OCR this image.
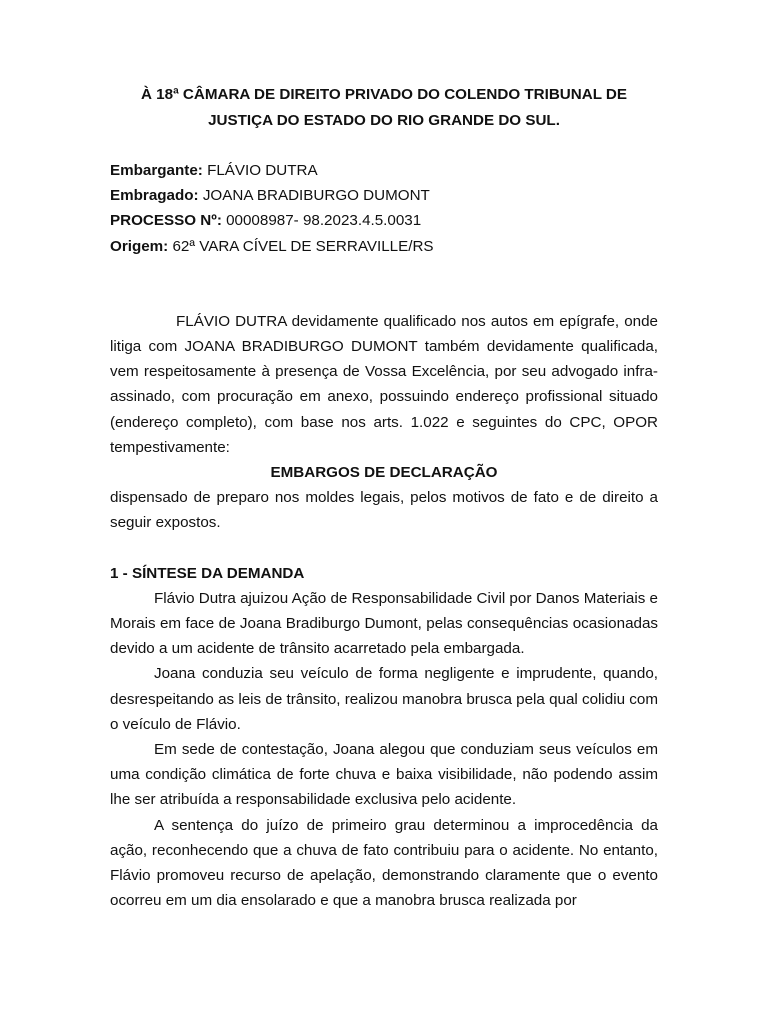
À 18ª CÂMARA DE DIREITO PRIVADO DO COLENDO TRIBUNAL DE

JUSTIÇA DO ESTADO DO RIO GRANDE DO SUL.

Embargante: FLÁVIO DUTRA

Embragado: JOANA BRADIBURGO DUMONT

PROCESSO Nº: 00008987- 98.2023.4.5.0031

Origem: 62ª VARA CÍVEL DE SERRAVILLE/RS

FLÁVIO DUTRA devidamente qualificado nos autos em epígrafe, onde litiga com JOANA BRADIBURGO DUMONT também devidamente qualificada, vem respeitosamente à presença de Vossa Excelência, por seu advogado infra-assinado, com procuração em anexo, possuindo endereço profissional situado (endereço completo), com base nos arts. 1.022 e seguintes do CPC, OPOR tempestivamente:

EMBARGOS DE DECLARAÇÃO

dispensado de preparo nos moldes legais, pelos motivos de fato e de direito a seguir expostos.

1 - SÍNTESE DA DEMANDA

Flávio Dutra ajuizou Ação de Responsabilidade Civil por Danos Materiais e Morais em face de Joana Bradiburgo Dumont, pelas consequências ocasionadas devido a um acidente de trânsito acarretado pela embargada.

Joana conduzia seu veículo de forma negligente e imprudente, quando, desrespeitando as leis de trânsito, realizou manobra brusca pela qual colidiu com o veículo de Flávio.

Em sede de contestação, Joana alegou que conduziam seus veículos em uma condição climática de forte chuva e baixa visibilidade, não podendo assim lhe ser atribuída a responsabilidade exclusiva pelo acidente.

A sentença do juízo de primeiro grau determinou a improcedência da ação, reconhecendo que a chuva de fato contribuiu para o acidente. No entanto, Flávio promoveu recurso de apelação, demonstrando claramente que o evento ocorreu em um dia ensolarado e que a manobra brusca realizada por
